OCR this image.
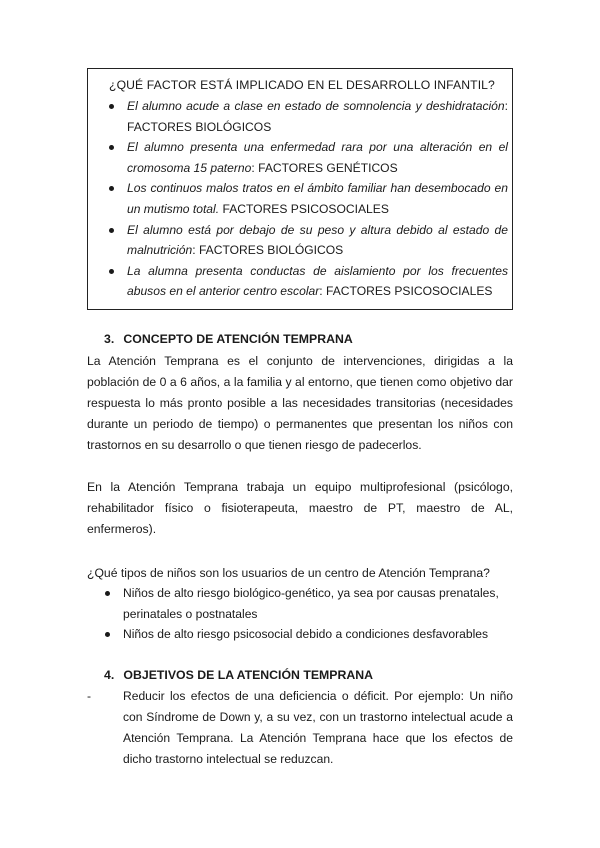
¿QUÉ FACTOR ESTÁ IMPLICADO EN EL DESARROLLO INFANTIL?
El alumno acude a clase en estado de somnolencia y deshidratación: FACTORES BIOLÓGICOS
El alumno presenta una enfermedad rara por una alteración en el cromosoma 15 paterno: FACTORES GENÉTICOS
Los continuos malos tratos en el ámbito familiar han desembocado en un mutismo total. FACTORES PSICOSOCIALES
El alumno está por debajo de su peso y altura debido al estado de malnutrición: FACTORES BIOLÓGICOS
La alumna presenta conductas de aislamiento por los frecuentes abusos en el anterior centro escolar: FACTORES PSICOSOCIALES
3. CONCEPTO DE ATENCIÓN TEMPRANA

La Atención Temprana es el conjunto de intervenciones, dirigidas a la población de 0 a 6 años, a la familia y al entorno, que tienen como objetivo dar respuesta lo más pronto posible a las necesidades transitorias (necesidades durante un periodo de tiempo) o permanentes que presentan los niños con trastornos en su desarrollo o que tienen riesgo de padecerlos.

En la Atención Temprana trabaja un equipo multiprofesional (psicólogo, rehabilitador físico o fisioterapeuta, maestro de PT, maestro de AL, enfermeros).

¿Qué tipos de niños son los usuarios de un centro de Atención Temprana?

Niños de alto riesgo biológico-genético, ya sea por causas prenatales, perinatales o postnatales
Niños de alto riesgo psicosocial debido a condiciones desfavorables
4. OBJETIVOS DE LA ATENCIÓN TEMPRANA
-	Reducir los efectos de una deficiencia o déficit. Por ejemplo: Un niño con Síndrome de Down y, a su vez, con un trastorno intelectual acude a Atención Temprana. La Atención Temprana hace que los efectos de dicho trastorno intelectual se reduzcan.
